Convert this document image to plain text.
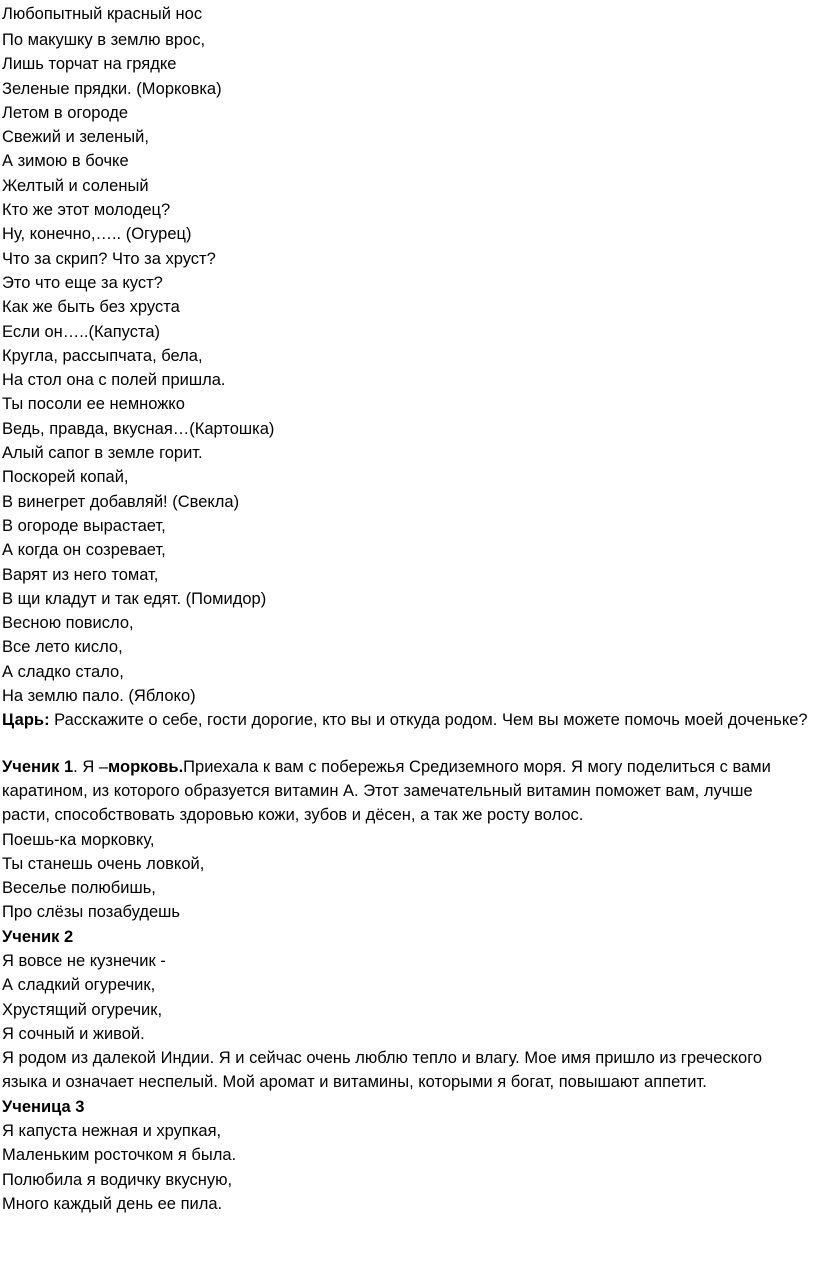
Любопытный красный нос
По макушку в землю врос,
Лишь торчат на грядке
Зеленые прядки. (Морковка)
Летом в огороде
Свежий и зеленый,
А зимою в бочке
Желтый и соленый
Кто же этот молодец?
Ну, конечно,….. (Огурец)
Что за скрип? Что за хруст?
Это что еще за куст?
Как же быть без хруста
Если он…..(Капуста)
Кругла, рассыпчата, бела,
На стол она с полей пришла.
Ты посоли ее немножко
Ведь, правда, вкусная…(Картошка)
Алый сапог в земле горит.
Поскорей копай,
В винегрет добавляй! (Свекла)
В огороде вырастает,
А когда он созревает,
Варят из него томат,
В щи кладут и так едят. (Помидор)
Весною повисло,
Все лето кисло,
А сладко стало,
На землю пало. (Яблоко)
Царь: Расскажите о себе, гости дорогие, кто вы и откуда родом. Чем вы можете помочь моей доченьке?
Ученик 1. Я –морковь.Приехала к вам с побережья Средиземного моря. Я могу поделиться с вами каратином, из которого образуется витамин А. Этот замечательный витамин поможет вам, лучше расти, способствовать здоровью кожи, зубов и дёсен, а так же росту волос.
Поешь-ка морковку,
Ты станешь очень ловкой,
Веселье полюбишь,
Про слёзы позабудешь
Ученик 2
Я вовсе не кузнечик -
А сладкий огуречик,
Хрустящий огуречик,
Я сочный и живой.
Я родом из далекой Индии. Я и сейчас очень люблю тепло и влагу. Мое имя пришло из греческого языка и означает неспелый. Мой аромат и витамины, которыми я богат, повышают аппетит.
Ученица 3
Я капуста нежная и хрупкая,
Маленьким росточком я была.
Полюбила я водичку вкусную,
Много каждый день ее пила.
